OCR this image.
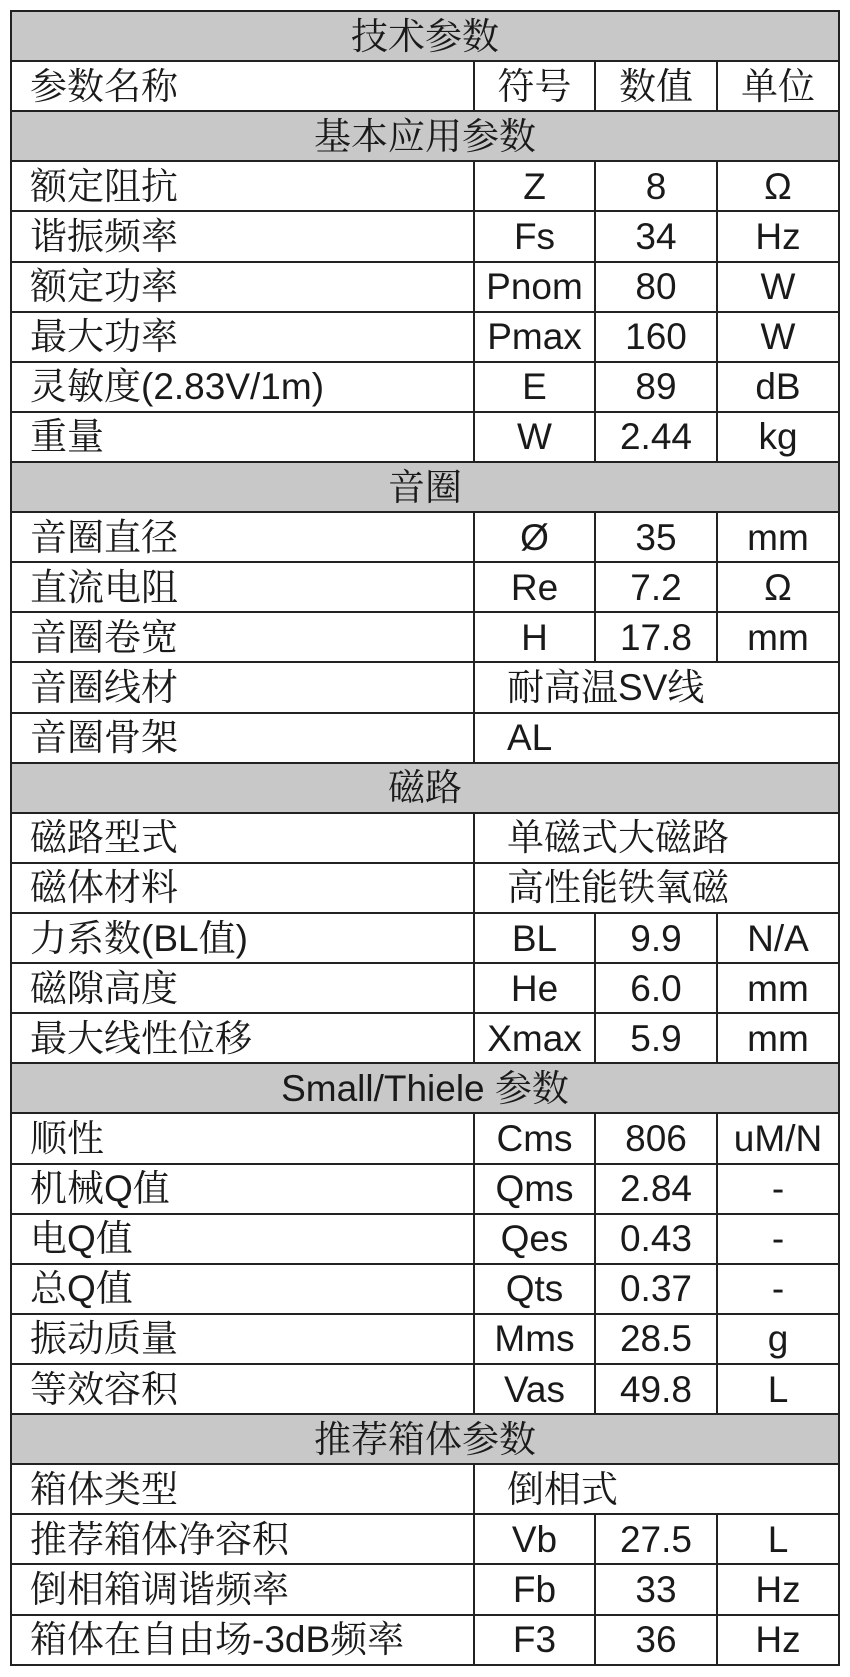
技术参数			
参数名称	符号	数值	单位
基本应用参数			
额定阻抗	Z	8	Ω
谐振频率	Fs	34	Hz
额定功率	Pnom	80	W
最大功率	Pmax	160	W
灵敏度(2.83V/1m)	E	89	dB
重量	W	2.44	kg
音圈			
音圈直径	Ø	35	mm
直流电阻	Re	7.2	Ω
音圈卷宽	H	17.8	mm
音圈线材	耐高温SV线		
音圈骨架	AL		
磁路			
磁路型式	单磁式大磁路		
磁体材料	高性能铁氧磁		
力系数(BL值)	BL	9.9	N/A
磁隙高度	He	6.0	mm
最大线性位移	Xmax	5.9	mm
Small/Thiele 参数			
顺性	Cms	806	uM/N
机械Q值	Qms	2.84	-
电Q值	Qes	0.43	-
总Q值	Qts	0.37	-
振动质量	Mms	28.5	g
等效容积	Vas	49.8	L
推荐箱体参数			
箱体类型	倒相式		
推荐箱体净容积	Vb	27.5	L
倒相箱调谐频率	Fb	33	Hz
箱体在自由场-3dB频率	F3	36	Hz
